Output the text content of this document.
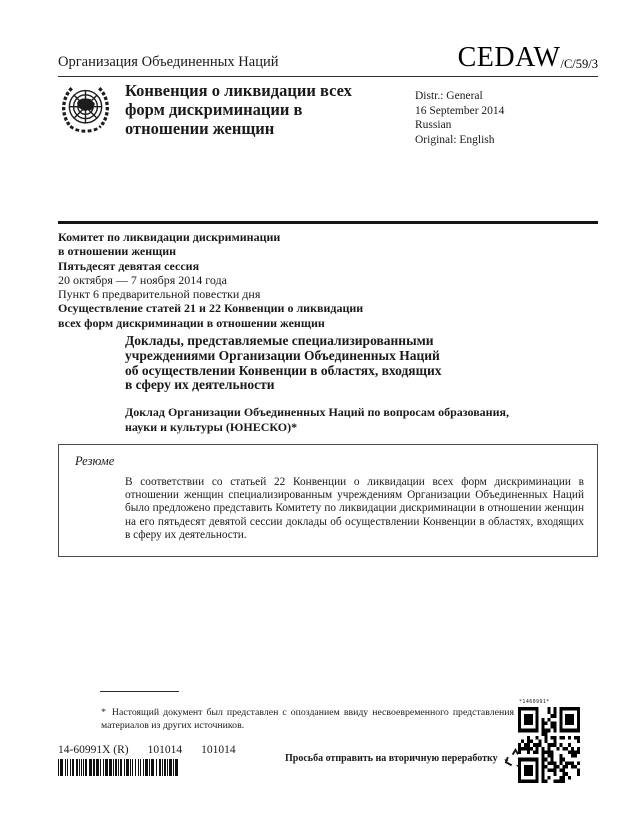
Организация Объединенных Наций	CEDAW/C/59/3
Конвенция о ликвидации всех
форм дискриминации в
отношении женщин
Distr.: General
16 September 2014
Russian
Original: English
Комитет по ликвидации дискриминации
в отношении женщин
Пятьдесят девятая сессия
20 октября — 7 ноября 2014 года
Пункт 6 предварительной повестки дня
Осуществление статей 21 и 22 Конвенции о ликвидации
всех форм дискриминации в отношении женщин
Доклады, представляемые специализированными
учреждениями Организации Объединенных Наций
об осуществлении Конвенции в областях, входящих
в сферу их деятельности
Доклад Организации Объединенных Наций по вопросам образования,
науки и культуры (ЮНЕСКО)*
Резюме

В соответствии со статьей 22 Конвенции о ликвидации всех форм дискриминации в отношении женщин специализированным учреждениям Организации Объединенных Наций было предложено представить Комитету по ликвидации дискриминации в отношении женщин на его пятьдесят девятой сессии доклады об осуществлении Конвенции в областях, входящих в сферу их деятельности.

* Настоящий документ был представлен с опозданием ввиду несвоевременного представления материалов из других источников.

14-60991X (R) 101014 101014
Просьба отправить на вторичную переработку
*1460991*
